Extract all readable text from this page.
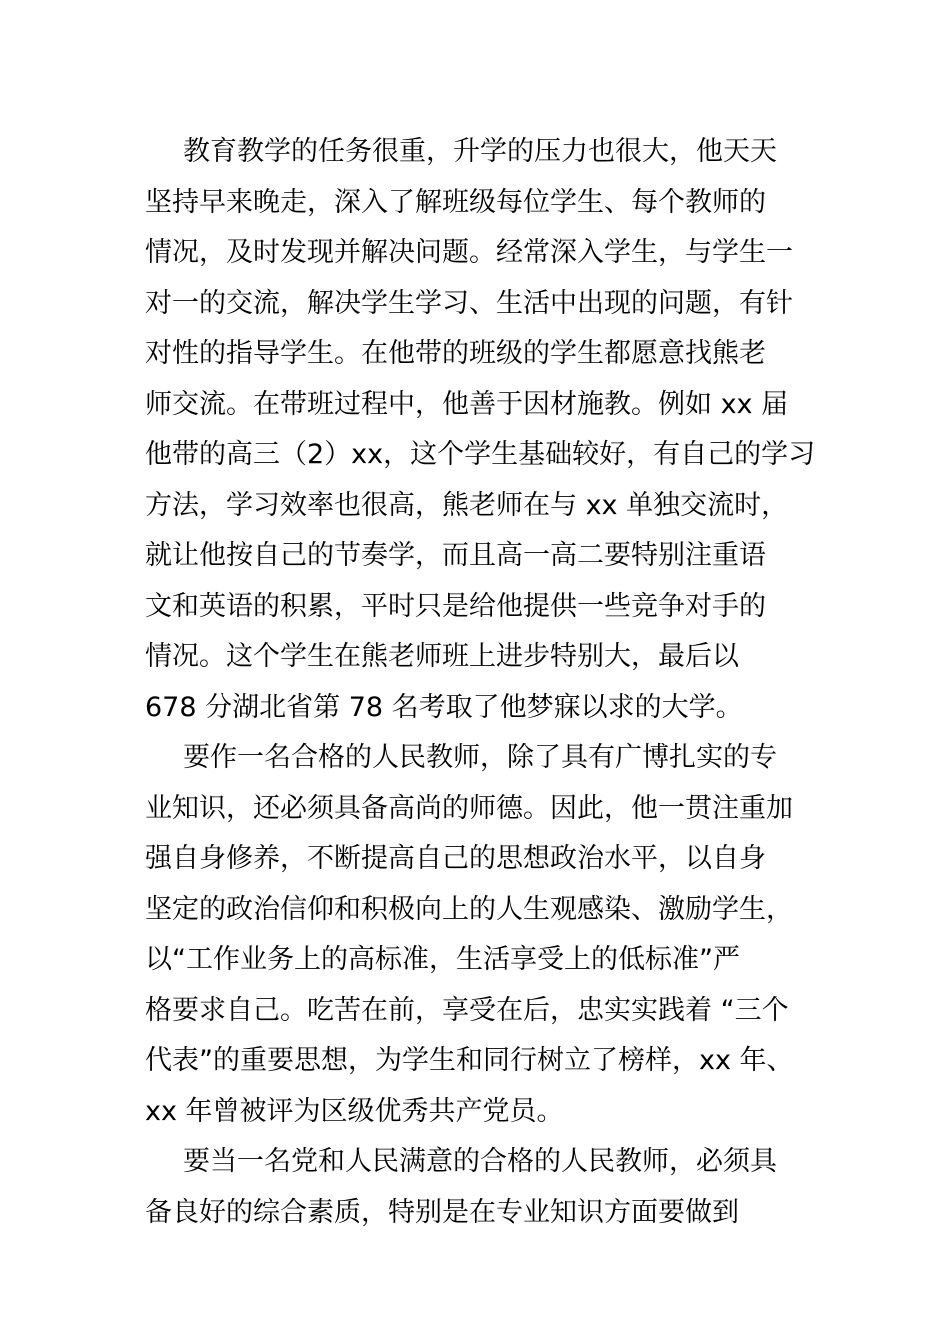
教育教学的任务很重，升学的压力也很大，他天天
坚持早来晚走，深入了解班级每位学生、每个教师的
情况，及时发现并解决问题。经常深入学生，与学生一
对一的交流，解决学生学习、生活中出现的问题，有针
对性的指导学生。在他带的班级的学生都愿意找熊老
师交流。在带班过程中，他善于因材施教。例如 xx 届
他带的高三（2）xx，这个学生基础较好，有自己的学习
方法，学习效率也很高，熊老师在与 xx 单独交流时，
就让他按自己的节奏学，而且高一高二要特别注重语
文和英语的积累，平时只是给他提供一些竞争对手的
情况。这个学生在熊老师班上进步特别大，最后以
678 分湖北省第 78 名考取了他梦寐以求的大学。
要作一名合格的人民教师，除了具有广博扎实的专
业知识，还必须具备高尚的师德。因此，他一贯注重加
强自身修养，不断提高自己的思想政治水平，以自身
坚定的政治信仰和积极向上的人生观感染、激励学生，
以“工作业务上的高标准，生活享受上的低标准”严
格要求自己。吃苦在前，享受在后，忠实实践着 “三个
代表”的重要思想，为学生和同行树立了榜样，xx 年、
xx 年曾被评为区级优秀共产党员。
要当一名党和人民满意的合格的人民教师，必须具
备良好的综合素质，特别是在专业知识方面要做到
